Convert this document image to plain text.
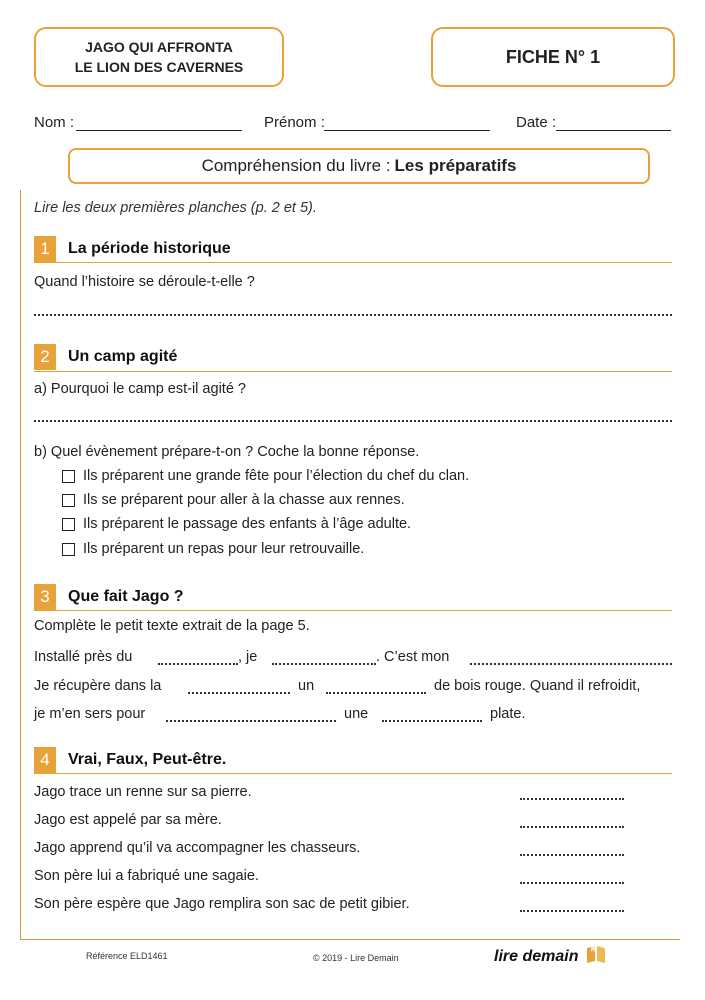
JAGO QUI AFFRONTA
LE LION DES CAVERNES
FICHE N° 1
Nom :	Prénom :	Date :
Compréhension du livre : Les préparatifs
Lire les deux premières planches (p. 2 et 5).
1	La période historique
Quand l’histoire se déroule-t-elle ?
2	Un camp agité
a) Pourquoi le camp est-il agité ?
b) Quel évènement prépare-t-on ? Coche la bonne réponse.
Ils préparent une grande fête pour l’élection du chef du clan.
Ils se préparent pour aller à la chasse aux rennes.
Ils préparent le passage des enfants à l’âge adulte.
Ils préparent un repas pour leur retrouvaille.
3	Que fait Jago ?
Complète le petit texte extrait de la page 5.
Installé près du	, je	. C’est mon
Je récupère dans la	un	de bois rouge. Quand il refroidit,
je m’en sers pour	une	plate.
4	Vrai, Faux, Peut-être.
Jago trace un renne sur sa pierre.
Jago est appelé par sa mère.
Jago apprend qu’il va accompagner les chasseurs.
Son père lui a fabriqué une sagaie.
Son père espère que Jago remplira son sac de petit gibier.
Référence ELD1461	© 2019 - Lire Demain	lire demain
